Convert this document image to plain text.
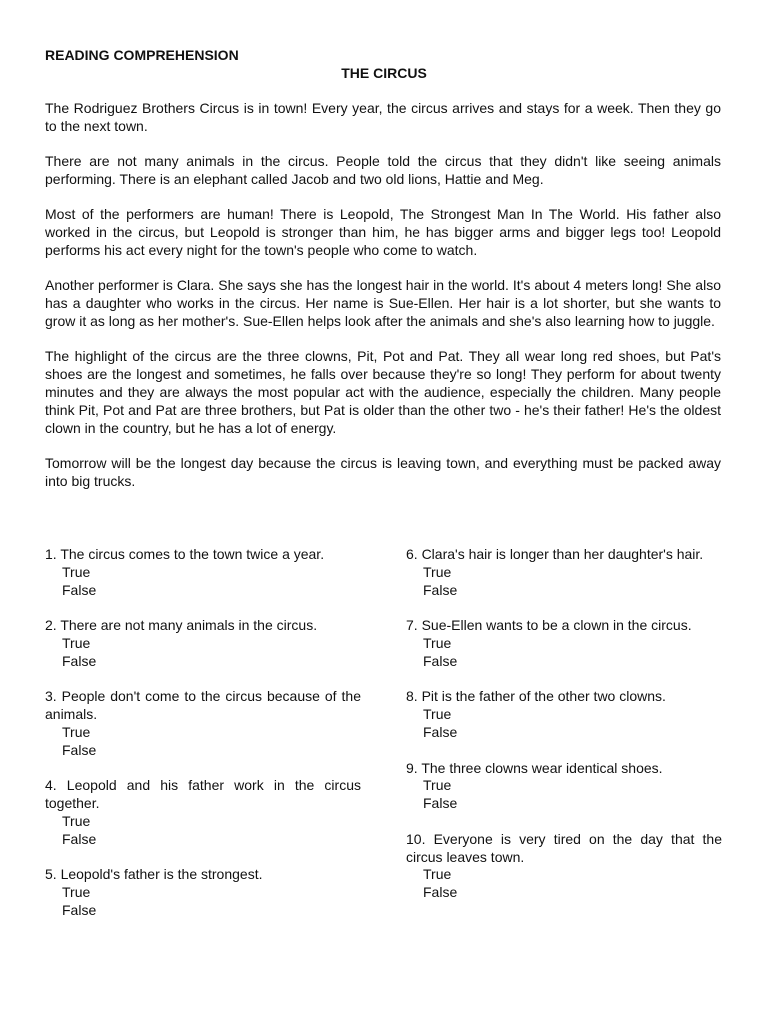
READING COMPREHENSION

THE CIRCUS

The Rodriguez Brothers Circus is in town! Every year, the circus arrives and stays for a week. Then they go to the next town.

There are not many animals in the circus. People told the circus that they didn't like seeing animals performing. There is an elephant called Jacob and two old lions, Hattie and Meg.

Most of the performers are human! There is Leopold, The Strongest Man In The World. His father also worked in the circus, but Leopold is stronger than him, he has bigger arms and bigger legs too! Leopold performs his act every night for the town's people who come to watch.

Another performer is Clara. She says she has the longest hair in the world. It's about 4 meters long! She also has a daughter who works in the circus. Her name is Sue-Ellen. Her hair is a lot shorter, but she wants to grow it as long as her mother's. Sue-Ellen helps look after the animals and she's also learning how to juggle.

The highlight of the circus are the three clowns, Pit, Pot and Pat. They all wear long red shoes, but Pat's shoes are the longest and sometimes, he falls over because they're so long! They perform for about twenty minutes and they are always the most popular act with the audience, especially the children. Many people think Pit, Pot and Pat are three brothers, but Pat is older than the other two - he's their father! He's the oldest clown in the country, but he has a lot of energy.

Tomorrow will be the longest day because the circus is leaving town, and everything must be packed away into big trucks.

1. The circus comes to the town twice a year.
True
False
2. There are not many animals in the circus.
True
False
3. People don't come to the circus because of the animals.
True
False
4. Leopold and his father work in the circus together.
True
False
5. Leopold's father is the strongest.
True
False
6. Clara's hair is longer than her daughter's hair.
True
False
7. Sue-Ellen wants to be a clown in the circus.
True
False
8. Pit is the father of the other two clowns.
True
False
9. The three clowns wear identical shoes.
True
False
10. Everyone is very tired on the day that the circus leaves town.
True
False
